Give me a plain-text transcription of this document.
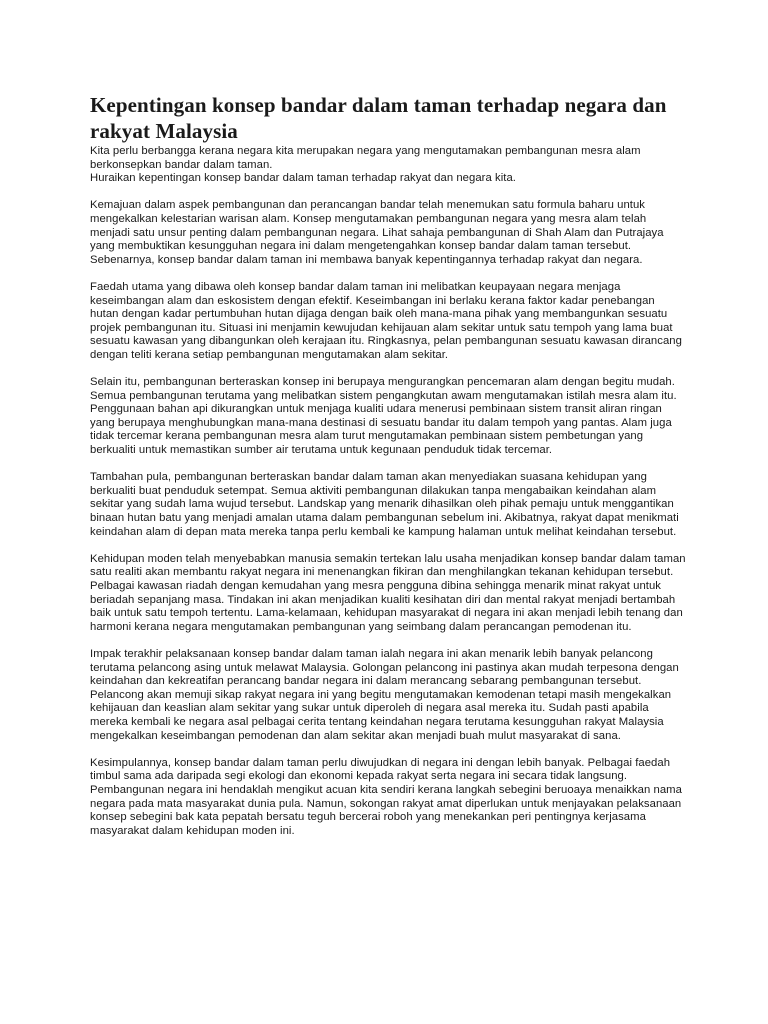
Kepentingan konsep bandar dalam taman terhadap negara dan rakyat Malaysia

Kita perlu berbangga kerana negara kita merupakan negara yang mengutamakan pembangunan mesra alam berkonsepkan bandar dalam taman.

Huraikan kepentingan konsep bandar dalam taman terhadap rakyat dan negara kita.

Kemajuan dalam aspek pembangunan dan perancangan bandar telah menemukan satu formula baharu untuk mengekalkan kelestarian warisan alam. Konsep mengutamakan pembangunan negara yang mesra alam telah menjadi satu unsur penting dalam pembangunan negara. Lihat sahaja pembangunan di Shah Alam dan Putrajaya yang membuktikan kesungguhan negara ini dalam mengetengahkan konsep bandar dalam taman tersebut. Sebenarnya, konsep bandar dalam taman ini membawa banyak kepentingannya terhadap rakyat dan negara.

Faedah utama yang dibawa oleh konsep bandar dalam taman ini melibatkan keupayaan negara menjaga keseimbangan alam dan eskosistem dengan efektif. Keseimbangan ini berlaku kerana faktor kadar penebangan hutan dengan kadar pertumbuhan hutan dijaga dengan baik oleh mana-mana pihak yang membangunkan sesuatu projek pembangunan itu. Situasi ini menjamin kewujudan kehijauan alam sekitar untuk satu tempoh yang lama buat sesuatu kawasan yang dibangunkan oleh kerajaan itu. Ringkasnya, pelan pembangunan sesuatu kawasan dirancang dengan teliti kerana setiap pembangunan mengutamakan alam sekitar.

Selain itu, pembangunan berteraskan konsep ini berupaya mengurangkan pencemaran alam dengan begitu mudah. Semua pembangunan terutama yang melibatkan sistem pengangkutan awam mengutamakan istilah mesra alam itu. Penggunaan bahan api dikurangkan untuk menjaga kualiti udara menerusi pembinaan sistem transit aliran ringan yang berupaya menghubungkan mana-mana destinasi di sesuatu bandar itu dalam tempoh yang pantas. Alam juga tidak tercemar kerana pembangunan mesra alam turut mengutamakan pembinaan sistem pembetungan yang berkualiti untuk memastikan sumber air terutama untuk kegunaan penduduk tidak tercemar.

Tambahan pula, pembangunan berteraskan bandar dalam taman akan menyediakan suasana kehidupan yang berkualiti buat penduduk setempat. Semua aktiviti pembangunan dilakukan tanpa mengabaikan keindahan alam sekitar yang sudah lama wujud tersebut. Landskap yang menarik dihasilkan oleh pihak pemaju untuk menggantikan binaan hutan batu yang menjadi amalan utama dalam pembangunan sebelum ini. Akibatnya, rakyat dapat menikmati keindahan alam di depan mata mereka tanpa perlu kembali ke kampung halaman untuk melihat keindahan tersebut.

Kehidupan moden telah menyebabkan manusia semakin tertekan lalu usaha menjadikan konsep bandar dalam taman satu realiti akan membantu rakyat negara ini menenangkan fikiran dan menghilangkan tekanan kehidupan tersebut. Pelbagai kawasan riadah dengan kemudahan yang mesra pengguna dibina sehingga menarik minat rakyat untuk beriadah sepanjang masa. Tindakan ini akan menjadikan kualiti kesihatan diri dan mental rakyat menjadi bertambah baik untuk satu tempoh tertentu. Lama-kelamaan, kehidupan masyarakat di negara ini akan menjadi lebih tenang dan harmoni kerana negara mengutamakan pembangunan yang seimbang dalam perancangan pemodenan itu.

Impak terakhir pelaksanaan konsep bandar dalam taman ialah negara ini akan menarik lebih banyak pelancong terutama pelancong asing untuk melawat Malaysia. Golongan pelancong ini pastinya akan mudah terpesona dengan keindahan dan kekreatifan perancang bandar negara ini dalam merancang sebarang pembangunan tersebut. Pelancong akan memuji sikap rakyat negara ini yang begitu mengutamakan kemodenan tetapi masih mengekalkan kehijauan dan keaslian alam sekitar yang sukar untuk diperoleh di negara asal mereka itu. Sudah pasti apabila mereka kembali ke negara asal pelbagai cerita tentang keindahan negara terutama kesungguhan rakyat Malaysia mengekalkan keseimbangan pemodenan dan alam sekitar akan menjadi buah mulut masyarakat di sana.

Kesimpulannya, konsep bandar dalam taman perlu diwujudkan di negara ini dengan lebih banyak. Pelbagai faedah timbul sama ada daripada segi ekologi dan ekonomi kepada rakyat serta negara ini secara tidak langsung. Pembangunan negara ini hendaklah mengikut acuan kita sendiri kerana langkah sebegini beruoaya menaikkan nama negara pada mata masyarakat dunia pula. Namun, sokongan rakyat amat diperlukan untuk menjayakan pelaksanaan konsep sebegini bak kata pepatah bersatu teguh bercerai roboh yang menekankan peri pentingnya kerjasama masyarakat dalam kehidupan moden ini.
